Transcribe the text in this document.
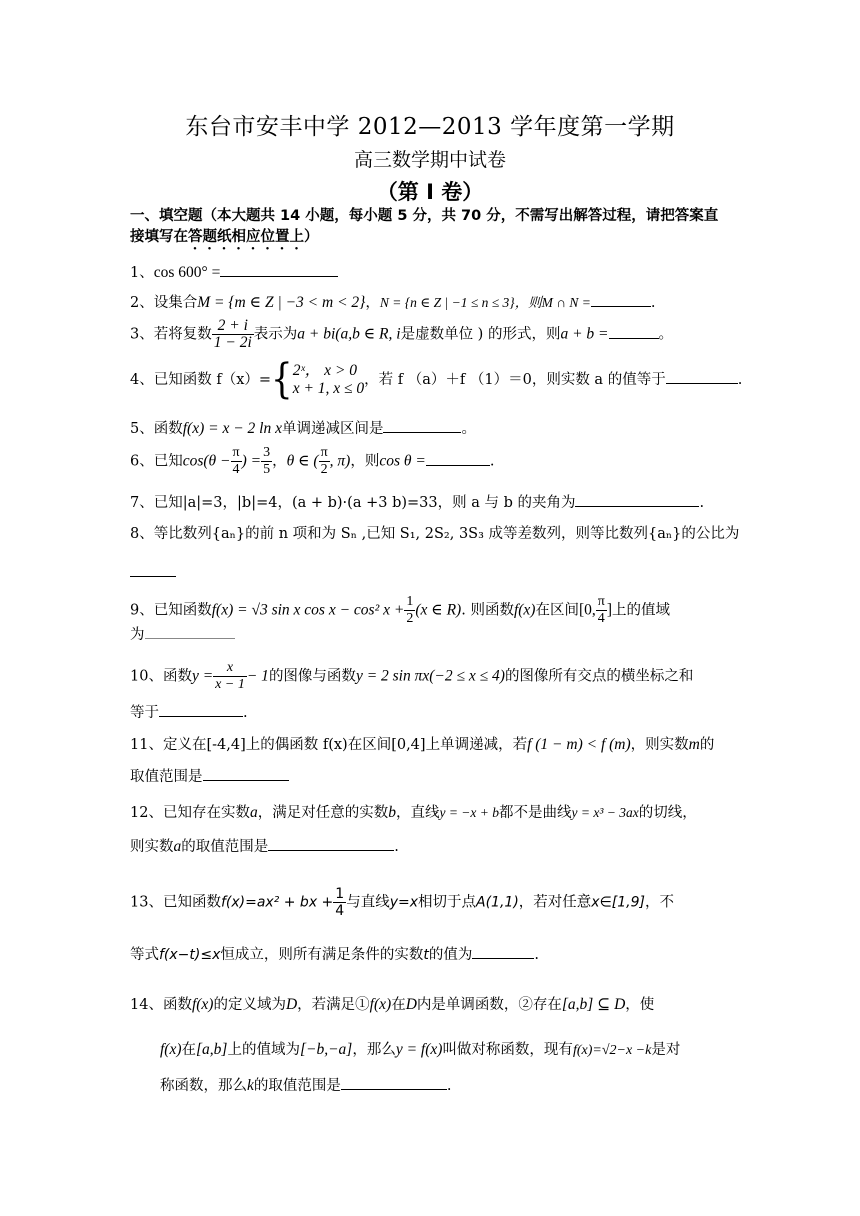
东台市安丰中学 2012—2013 学年度第一学期
高三数学期中试卷
（第 I 卷）
一、填空题（本大题共 14 小题，每小题 5 分，共 70 分，不需写出解答过程，请把答案直
接填写在答题纸相应位置上）
1、cos 600° =
2、设集合M = {m ∈ Z | −3 < m < 2}，N = {n ∈ Z | −1 ≤ n ≤ 3}，则M ∩ N =	.
3、若将复数 $\frac{2 + i}{1 - 2i}$ 表示为a + bi(a,b ∈ R, i是虚数单位 ) 的形式，则a + b =	。
4、已知函数 f（x）={ 2ˣ， x > 0
x + 1, x ≤ 0 ，若 f （a）＋f （1）＝0，则实数 a 的值等于	.
5、函数f(x) = x − 2 ln x单调递减区间是	。
6、已知$\cos(\theta - \frac{\pi}{4}$ ) = $\frac{3}{5}$ ，θ ∈ ( $\frac{\pi}{2}$ , π)，则cos θ =	.
7、已知|a|=3，|b|=4，(a + b)·(a +3 b)=33，则 a 与 b 的夹角为	.
8、等比数列{aₙ}的前 n 项和为 Sₙ ,已知 S₁, 2S₂, 3S₃ 成等差数列，则等比数列{aₙ}的公比为
9、已知函数f(x) = √3 sin x cos x − cos² $x + \frac{1}{2} (x$ ∈ R). 则函数f(x)在区间[0, $\frac{\pi}{4}$ ]上的值域
为
10、函数$y = \frac{x}{x - 1} - 1$的图像与函数y = 2 sin πx(−2 ≤ x ≤ 4)的图像所有交点的横坐标之和
等于	.
11、定义在[-4,4]上的偶函数 f(x)在区间[0,4]上单调递减，若f (1 − m) < f (m)，则实数m的
取值范围是
12、已知存在实数a，满足对任意的实数b，直线y = −x + b都不是曲线y = x³ − 3ax的切线，
则实数a的取值范围是	.
13、已知函数f(x)=ax² + bx + $\frac{1}{4}$ 与直线y=x相切于点A(1,1)，若对任意x∈[1,9]，不
等式f(x−t)≤x恒成立，则所有满足条件的实数t的值为	.
14、函数f(x)的定义域为D，若满足①f(x)在D内是单调函数，②存在[a,b] ⊆ D，使
f(x)在[a,b]上的值域为[−b,−a]，那么y = f(x)叫做对称函数，现有f(x)=√2−x −k是对
称函数，那么k的取值范围是	.
